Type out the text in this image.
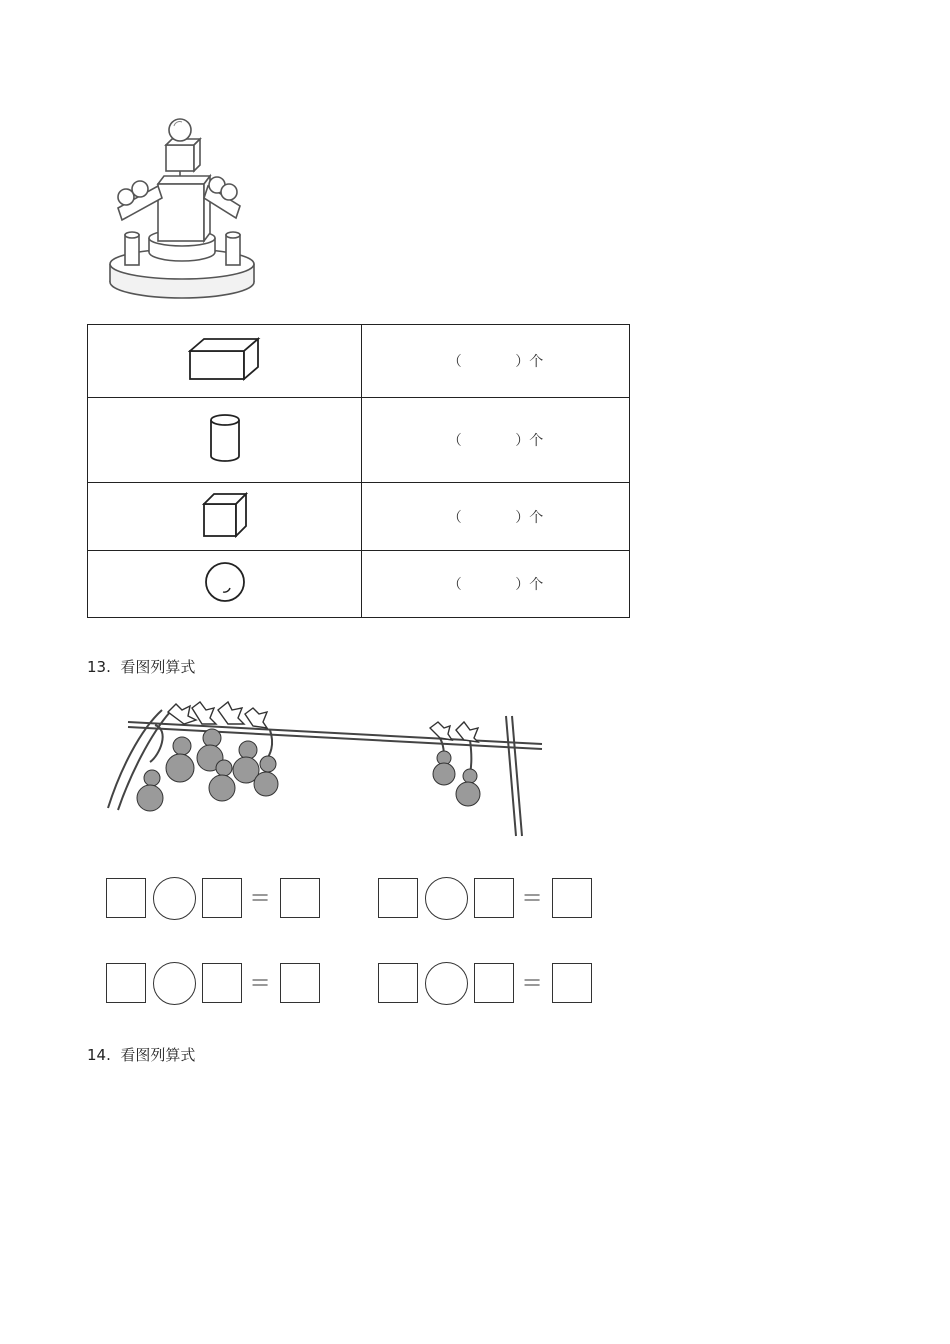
	（            ）个
	（            ）个
	（            ）个
	（            ）个
13.  看图列算式
=	=
=	=
14.  看图列算式
